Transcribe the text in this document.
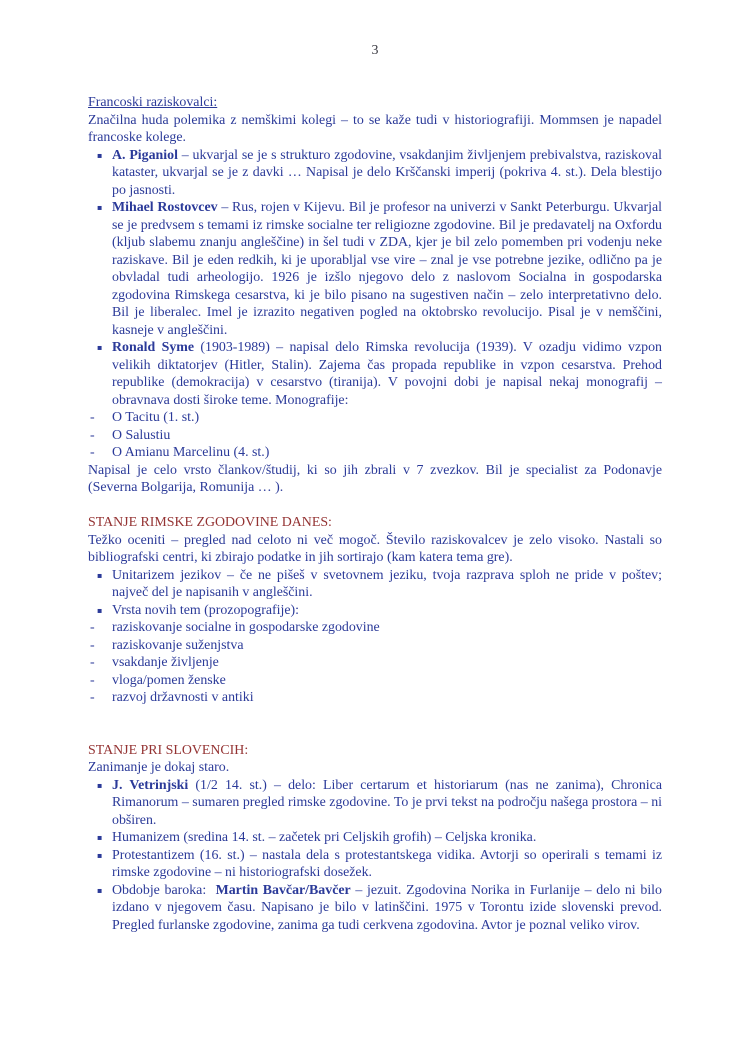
3
Francoski raziskovalci:
Značilna huda polemika z nemškimi kolegi – to se kaže tudi v historiografiji. Mommsen je napadel francoske kolege.
▪ A. Piganiol – ukvarjal se je s strukturo zgodovine, vsakdanjim življenjem prebivalstva, raziskoval kataster, ukvarjal se je z davki … Napisal je delo Krščanski imperij (pokriva 4. st.). Dela blestijo po jasnosti.
▪ Mihael Rostovcev – Rus, rojen v Kijevu. Bil je profesor na univerzi v Sankt Peterburgu. Ukvarjal se je predvsem s temami iz rimske socialne ter religiozne zgodovine. Bil je predavatelj na Oxfordu (kljub slabemu znanju angleščine) in šel tudi v ZDA, kjer je bil zelo pomemben pri vodenju neke raziskave. Bil je eden redkih, ki je uporabljal vse vire – znal je vse potrebne jezike, odlično pa je obvladal tudi arheologijo. 1926 je izšlo njegovo delo z naslovom Socialna in gospodarska zgodovina Rimskega cesarstva, ki je bilo pisano na sugestiven način – zelo interpretativno delo. Bil je liberalec. Imel je izrazito negativen pogled na oktobrsko revolucijo. Pisal je v nemščini, kasneje v angleščini.
▪ Ronald Syme (1903-1989) – napisal delo Rimska revolucija (1939). V ozadju vidimo vzpon velikih diktatorjev (Hitler, Stalin). Zajema čas propada republike in vzpon cesarstva. Prehod republike (demokracija) v cesarstvo (tiranija). V povojni dobi je napisal nekaj monografij – obravnava dosti široke teme. Monografije:
- O Tacitu (1. st.)
- O Salustiu
- O Amianu Marcelinu (4. st.)
Napisal je celo vrsto člankov/študij, ki so jih zbrali v 7 zvezkov. Bil je specialist za Podonavje (Severna Bolgarija, Romunija … ).
STANJE RIMSKE ZGODOVINE DANES:
Težko oceniti – pregled nad celoto ni več mogoč. Število raziskovalcev je zelo visoko. Nastali so bibliografski centri, ki zbirajo podatke in jih sortirajo (kam katera tema gre).
▪ Unitarizem jezikov – če ne pišeš v svetovnem jeziku, tvoja razprava sploh ne pride v poštev; največ del je napisanih v angleščini.
▪ Vrsta novih tem (prozopografije):
- raziskovanje socialne in gospodarske zgodovine
- raziskovanje suženjstva
- vsakdanje življenje
- vloga/pomen ženske
- razvoj državnosti v antiki
STANJE PRI SLOVENCIH:
Zanimanje je dokaj staro.
▪ J. Vetrinjski (1/2 14. st.) – delo: Liber certarum et historiarum (nas ne zanima), Chronica Rimanorum – sumaren pregled rimske zgodovine. To je prvi tekst na področju našega prostora – ni obširen.
▪ Humanizem (sredina 14. st. – začetek pri Celjskih grofih) – Celjska kronika.
▪ Protestantizem (16. st.) – nastala dela s protestantskega vidika. Avtorji so operirali s temami iz rimske zgodovine – ni historiografski dosežek.
▪ Obdobje baroka:  Martin Bavčar/Bavčer – jezuit. Zgodovina Norika in Furlanije – delo ni bilo izdano v njegovem času. Napisano je bilo v latinščini. 1975 v Torontu izide slovenski prevod. Pregled furlanske zgodovine, zanima ga tudi cerkvena zgodovina. Avtor je poznal veliko virov.
